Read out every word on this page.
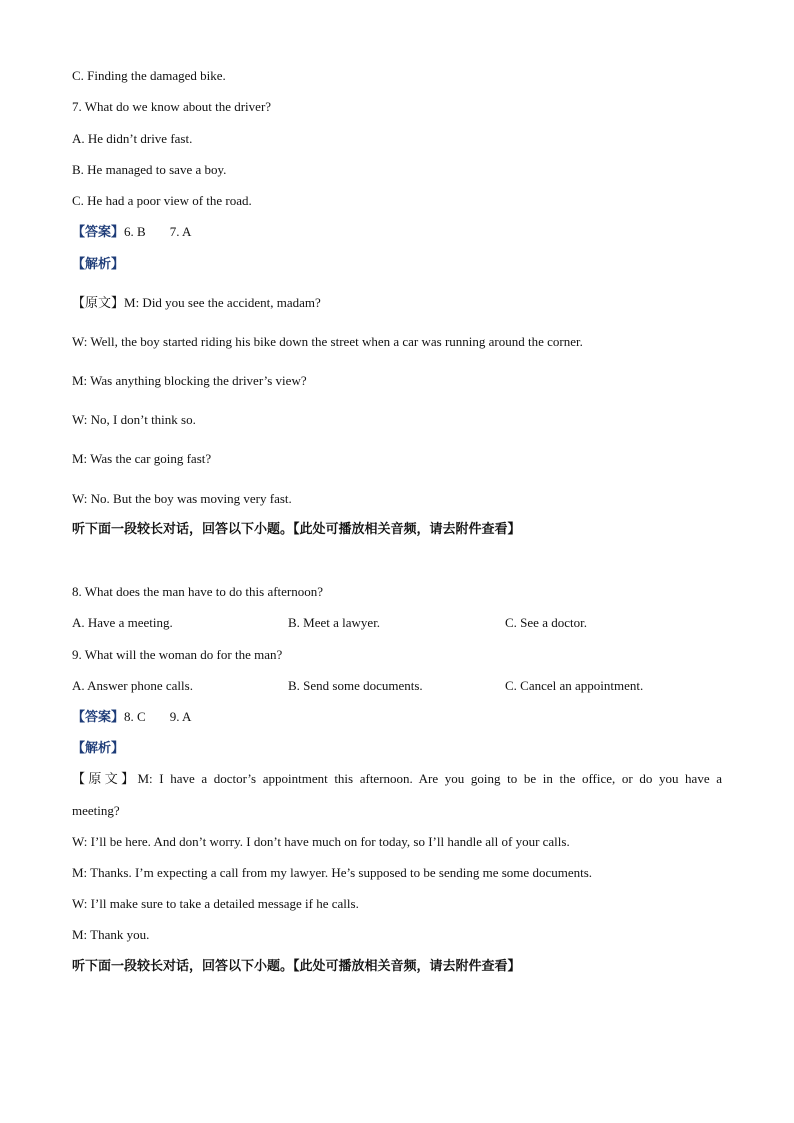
C. Finding the damaged bike.
7. What do we know about the driver?
A. He didn’t drive fast.
B. He managed to save a boy.
C. He had a poor view of the road.
【答案】6. B 7. A
【解析】
【原文】M: Did you see the accident, madam?
W: Well, the boy started riding his bike down the street when a car was running around the corner.
M: Was anything blocking the driver’s view?
W: No, I don’t think so.
M: Was the car going fast?
W: No. But the boy was moving very fast.
听下面一段较长对话，回答以下小题。【此处可播放相关音频，请去附件查看】
8. What does the man have to do this afternoon?
A. Have a meeting.	B. Meet a lawyer.	C. See a doctor.
9. What will the woman do for the man?
A. Answer phone calls.	B. Send some documents.	C. Cancel an appointment.
【答案】8. C 9. A
【解析】
【原文】M: I have a doctor’s appointment this afternoon. Are you going to be in the office, or do you have a
meeting?
W: I’ll be here. And don’t worry. I don’t have much on for today, so I’ll handle all of your calls.
M: Thanks. I’m expecting a call from my lawyer. He’s supposed to be sending me some documents.
W: I’ll make sure to take a detailed message if he calls.
M: Thank you.
听下面一段较长对话，回答以下小题。【此处可播放相关音频，请去附件查看】
